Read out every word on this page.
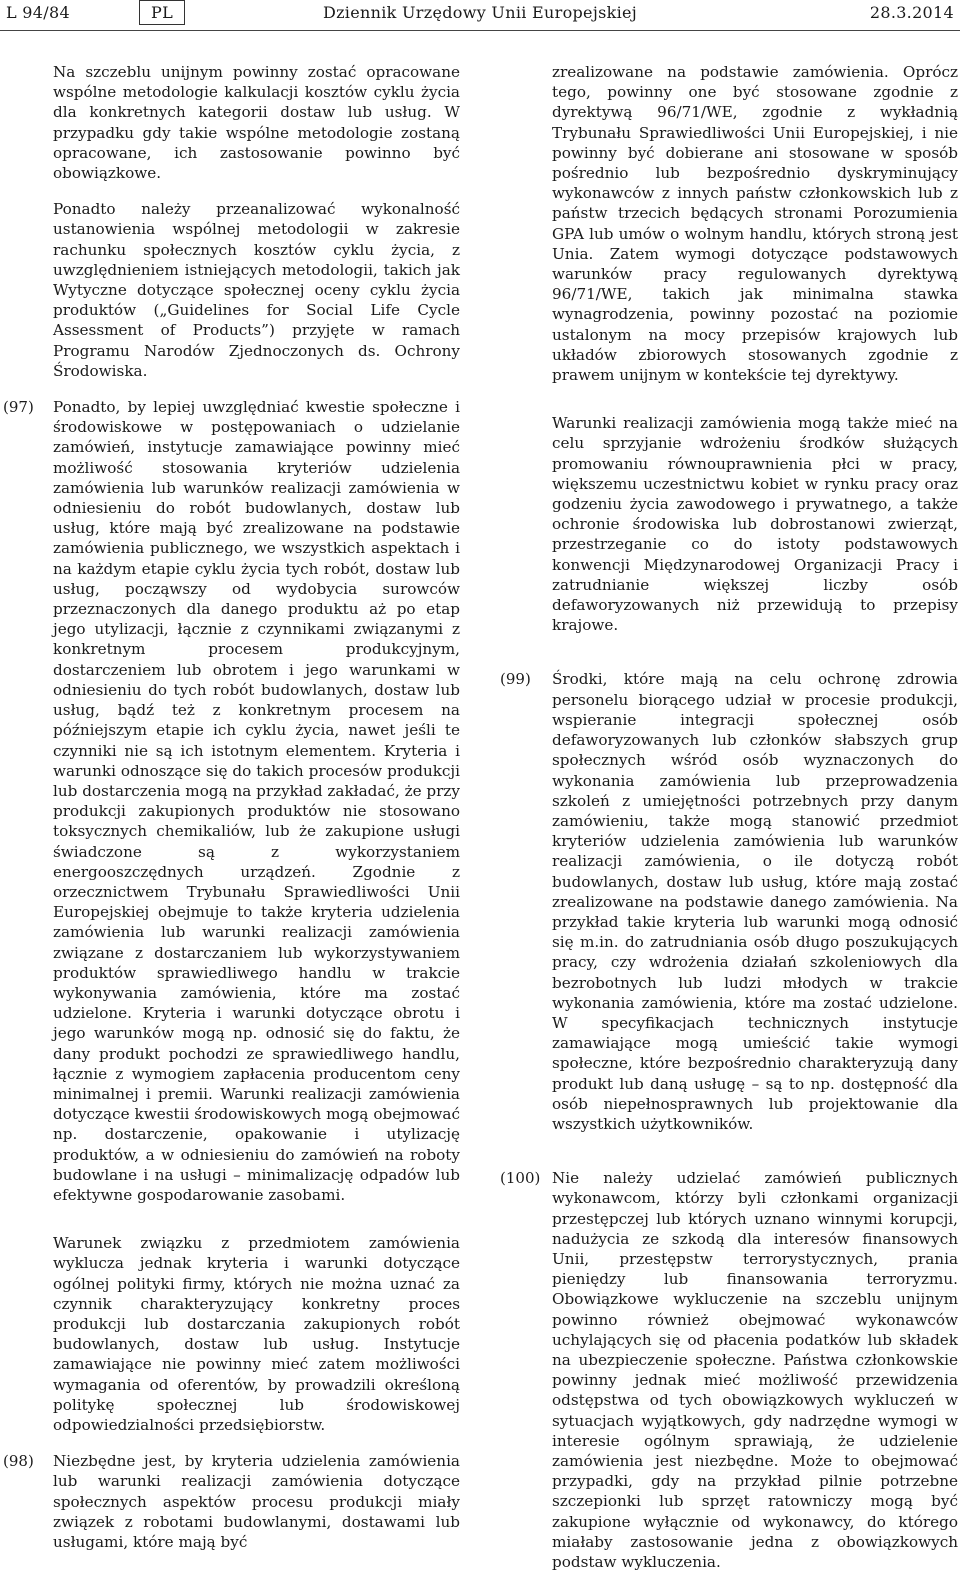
L 94/84	PL	Dziennik Urzędowy Unii Europejskiej	28.3.2014

Na szczeblu unijnym powinny zostać opracowane wspólne metodologie kalkulacji kosztów cyklu życia dla konkretnych kategorii dostaw lub usług. W przypadku gdy takie wspólne metodologie zostaną opracowane, ich zastosowanie powinno być obowiązkowe.

Ponadto należy przeanalizować wykonalność ustanowienia wspólnej metodologii w zakresie rachunku społecznych kosztów cyklu życia, z uwzględnieniem istniejących metodologii, takich jak Wytyczne dotyczące społecznej oceny cyklu życia produktów („Guidelines for Social Life Cycle Assessment of Products”) przyjęte w ramach Programu Narodów Zjednoczonych ds. Ochrony Środowiska.

(97)	Ponadto, by lepiej uwzględniać kwestie społeczne i środowiskowe w postępowaniach o udzielanie zamówień, instytucje zamawiające powinny mieć możliwość stosowania kryteriów udzielenia zamówienia lub warunków realizacji zamówienia w odniesieniu do robót budowlanych, dostaw lub usług, które mają być zrealizowane na podstawie zamówienia publicznego, we wszystkich aspektach i na każdym etapie cyklu życia tych robót, dostaw lub usług, począwszy od wydobycia surowców przeznaczonych dla danego produktu aż po etap jego utylizacji, łącznie z czynnikami związanymi z konkretnym procesem produkcyjnym, dostarczeniem lub obrotem i jego warunkami w odniesieniu do tych robót budowlanych, dostaw lub usług, bądź też z konkretnym procesem na późniejszym etapie ich cyklu życia, nawet jeśli te czynniki nie są ich istotnym elementem. Kryteria i warunki odnoszące się do takich procesów produkcji lub dostarczenia mogą na przykład zakładać, że przy produkcji zakupionych produktów nie stosowano toksycznych chemikaliów, lub że zakupione usługi świadczone są z wykorzystaniem energooszczędnych urządzeń. Zgodnie z orzecznictwem Trybunału Sprawiedliwości Unii Europejskiej obejmuje to także kryteria udzielenia zamówienia lub warunki realizacji zamówienia związane z dostarczaniem lub wykorzystywaniem produktów sprawiedliwego handlu w trakcie wykonywania zamówienia, które ma zostać udzielone. Kryteria i warunki dotyczące obrotu i jego warunków mogą np. odnosić się do faktu, że dany produkt pochodzi ze sprawiedliwego handlu, łącznie z wymogiem zapłacenia producentom ceny minimalnej i premii. Warunki realizacji zamówienia dotyczące kwestii środowiskowych mogą obejmować np. dostarczenie, opakowanie i utylizację produktów, a w odniesieniu do zamówień na roboty budowlane i na usługi – minimalizację odpadów lub efektywne gospodarowanie zasobami.

Warunek związku z przedmiotem zamówienia wyklucza jednak kryteria i warunki dotyczące ogólnej polityki firmy, których nie można uznać za czynnik charakteryzujący konkretny proces produkcji lub dostarczania zakupionych robót budowlanych, dostaw lub usług. Instytucje zamawiające nie powinny mieć zatem możliwości wymagania od oferentów, by prowadzili określoną politykę społecznej lub środowiskowej odpowiedzialności przedsiębiorstw.

(98)	Niezbędne jest, by kryteria udzielenia zamówienia lub warunki realizacji zamówienia dotyczące społecznych aspektów procesu produkcji miały związek z robotami budowlanymi, dostawami lub usługami, które mają być

zrealizowane na podstawie zamówienia. Oprócz tego, powinny one być stosowane zgodnie z dyrektywą 96/71/WE, zgodnie z wykładnią Trybunału Sprawiedliwości Unii Europejskiej, i nie powinny być dobierane ani stosowane w sposób pośrednio lub bezpośrednio dyskryminujący wykonawców z innych państw członkowskich lub z państw trzecich będących stronami Porozumienia GPA lub umów o wolnym handlu, których stroną jest Unia. Zatem wymogi dotyczące podstawowych warunków pracy regulowanych dyrektywą 96/71/WE, takich jak minimalna stawka wynagrodzenia, powinny pozostać na poziomie ustalonym na mocy przepisów krajowych lub układów zbiorowych stosowanych zgodnie z prawem unijnym w kontekście tej dyrektywy.

Warunki realizacji zamówienia mogą także mieć na celu sprzyjanie wdrożeniu środków służących promowaniu równouprawnienia płci w pracy, większemu uczestnictwu kobiet w rynku pracy oraz godzeniu życia zawodowego i prywatnego, a także ochronie środowiska lub dobrostanowi zwierząt, przestrzeganie co do istoty podstawowych konwencji Międzynarodowej Organizacji Pracy i zatrudnianie większej liczby osób defaworyzowanych niż przewidują to przepisy krajowe.

(99)	Środki, które mają na celu ochronę zdrowia personelu biorącego udział w procesie produkcji, wspieranie integracji społecznej osób defaworyzowanych lub członków słabszych grup społecznych wśród osób wyznaczonych do wykonania zamówienia lub przeprowadzenia szkoleń z umiejętności potrzebnych przy danym zamówieniu, także mogą stanowić przedmiot kryteriów udzielenia zamówienia lub warunków realizacji zamówienia, o ile dotyczą robót budowlanych, dostaw lub usług, które mają zostać zrealizowane na podstawie danego zamówienia. Na przykład takie kryteria lub warunki mogą odnosić się m.in. do zatrudniania osób długo poszukujących pracy, czy wdrożenia działań szkoleniowych dla bezrobotnych lub ludzi młodych w trakcie wykonania zamówienia, które ma zostać udzielone. W specyfikacjach technicznych instytucje zamawiające mogą umieścić takie wymogi społeczne, które bezpośrednio charakteryzują dany produkt lub daną usługę – są to np. dostępność dla osób niepełnosprawnych lub projektowanie dla wszystkich użytkowników.

(100) Nie należy udzielać zamówień publicznych wykonawcom, którzy byli członkami organizacji przestępczej lub których uznano winnymi korupcji, nadużycia ze szkodą dla interesów finansowych Unii, przestępstw terrorystycznych, prania pieniędzy lub finansowania terroryzmu. Obowiązkowe wykluczenie na szczeblu unijnym powinno również obejmować wykonawców uchylających się od płacenia podatków lub składek na ubezpieczenie społeczne. Państwa członkowskie powinny jednak mieć możliwość przewidzenia odstępstwa od tych obowiązkowych wykluczeń w sytuacjach wyjątkowych, gdy nadrzędne wymogi w interesie ogólnym sprawiają, że udzielenie zamówienia jest niezbędne. Może to obejmować przypadki, gdy na przykład pilnie potrzebne szczepionki lub sprzęt ratowniczy mogą być zakupione wyłącznie od wykonawcy, do którego miałaby zastosowanie jedna z obowiązkowych podstaw wykluczenia.
